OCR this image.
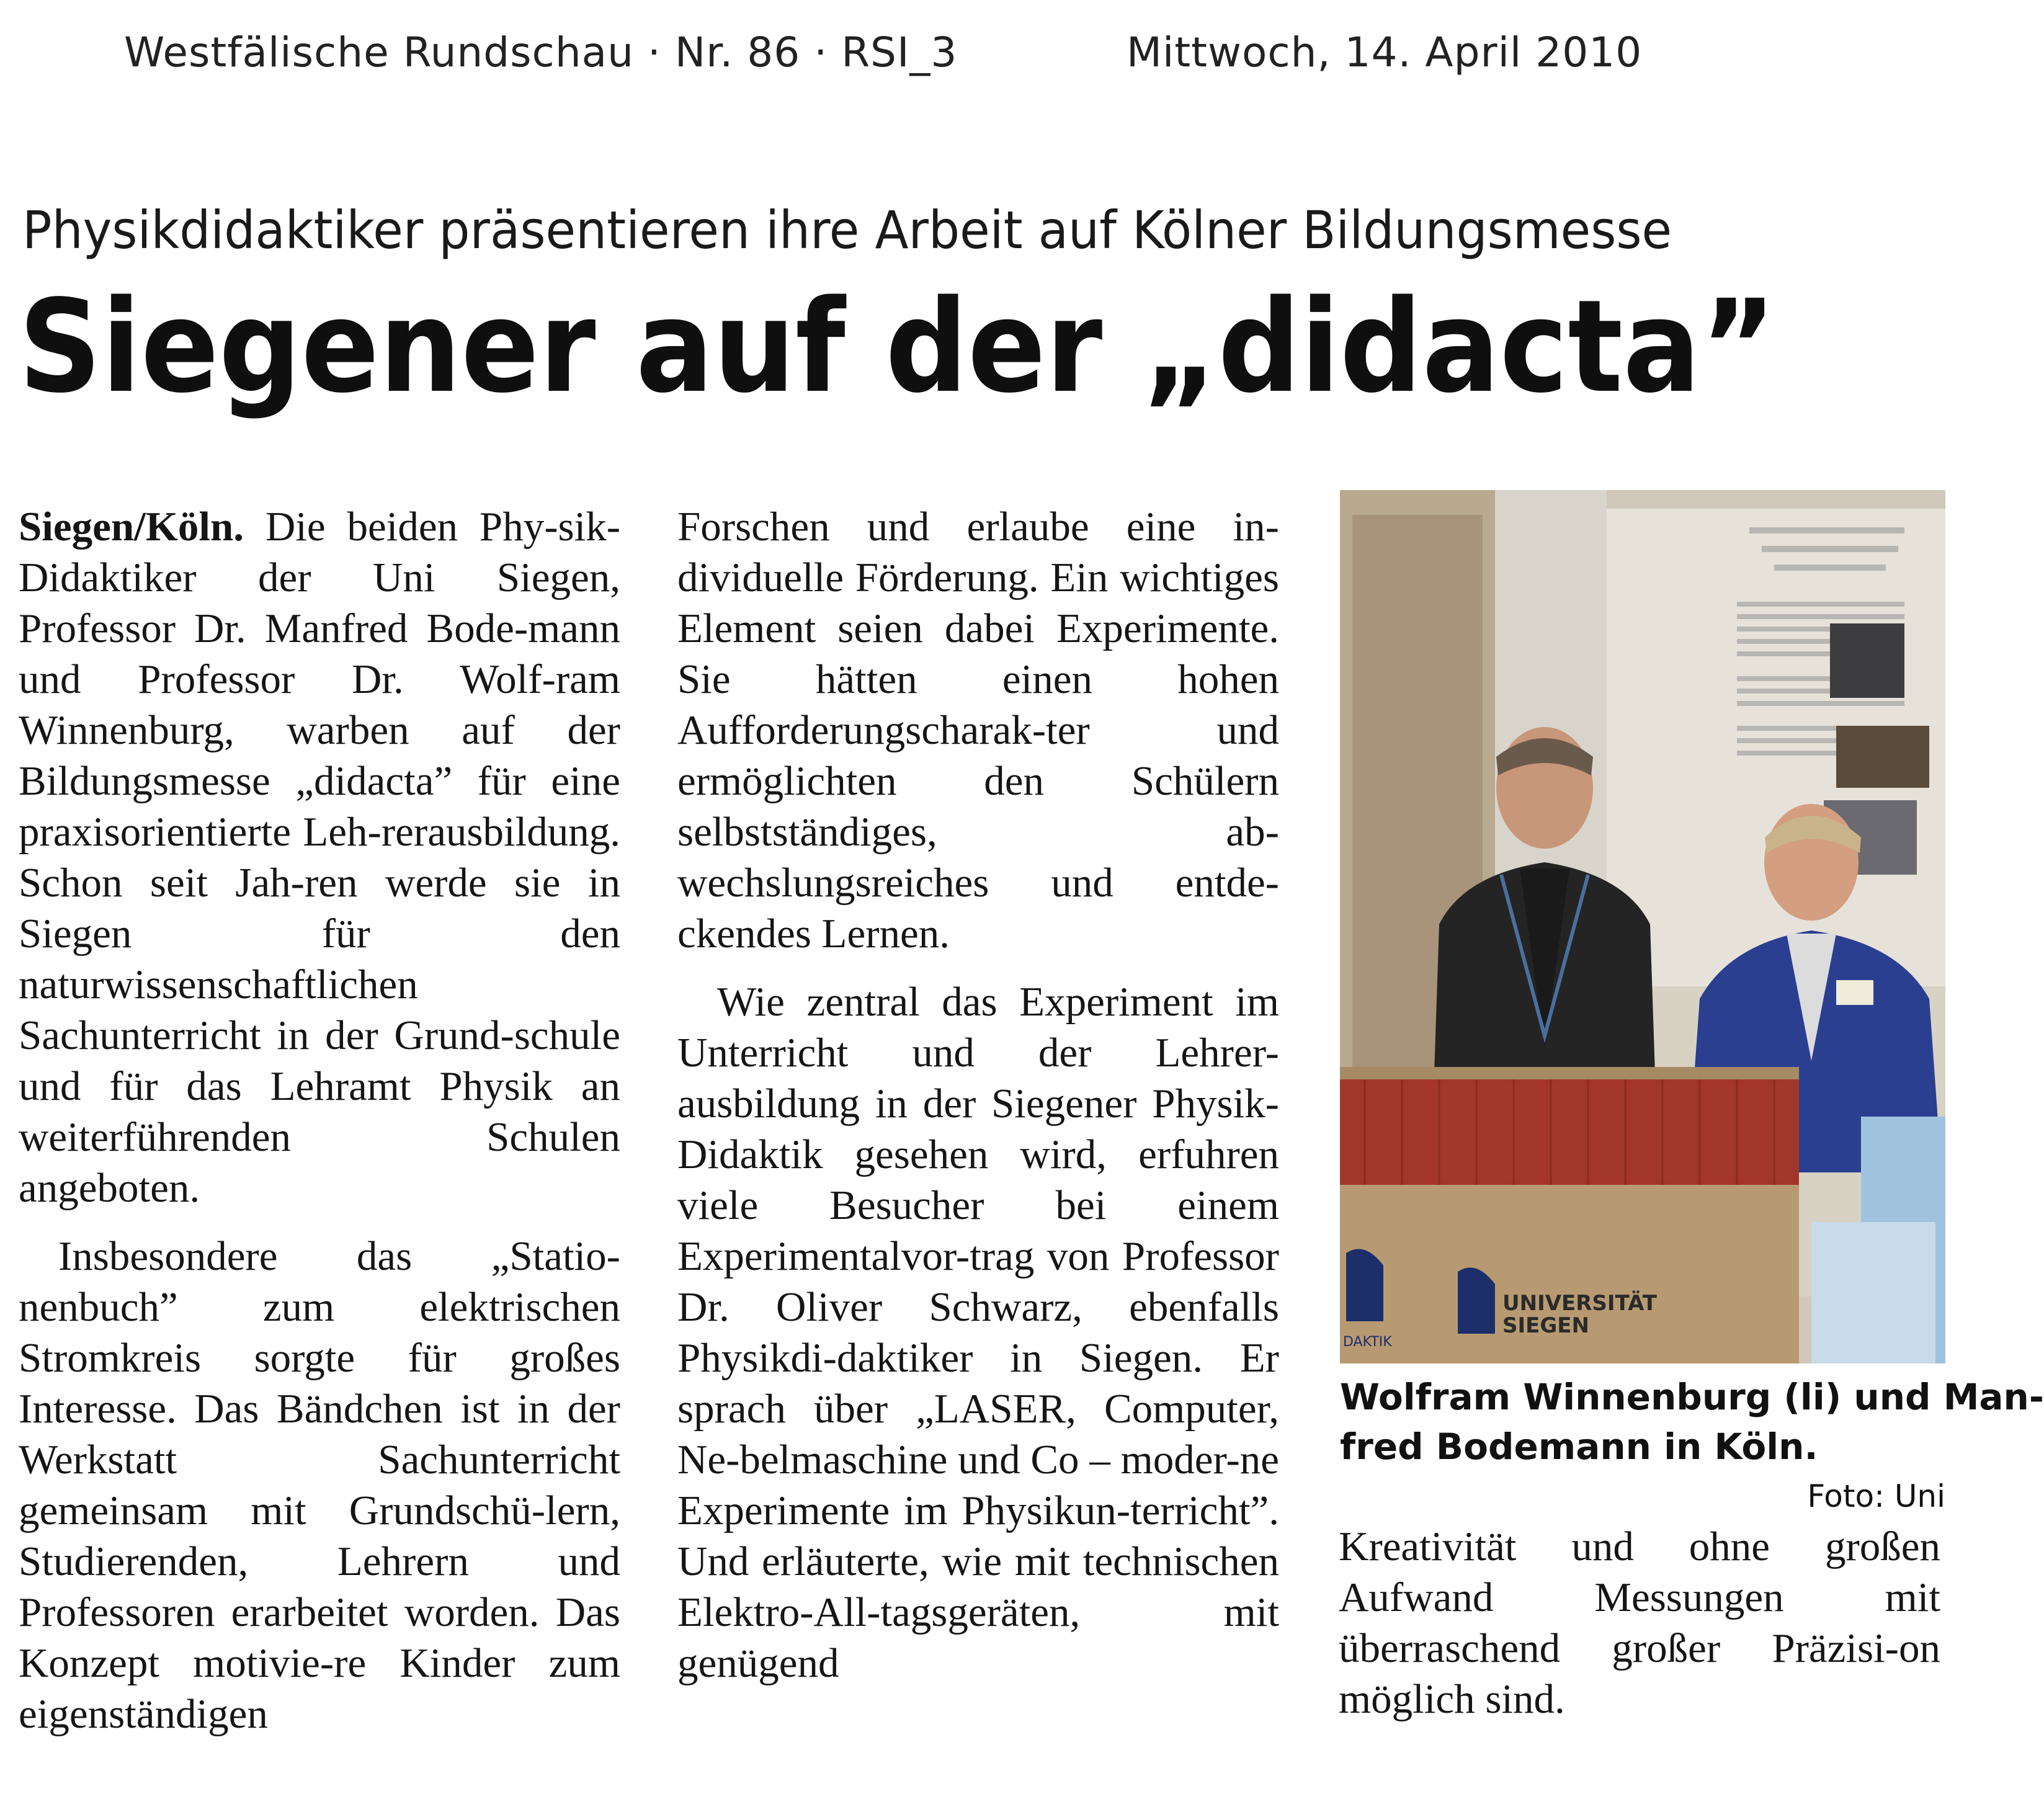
Westfälische Rundschau · Nr. 86 · RSI_3	Mittwoch, 14. April 2010
Physikdidaktiker präsentieren ihre Arbeit auf Kölner Bildungsmesse
Siegener auf der „didacta”

Siegen/Köln. Die beiden Phy-sik-Didaktiker der Uni Siegen, Professor Dr. Manfred Bode-mann und Professor Dr. Wolf-ram Winnenburg, warben auf der Bildungsmesse „didacta” für eine praxisorientierte Leh-rerausbildung. Schon seit Jah-ren werde sie in Siegen für den naturwissenschaftlichen Sachunterricht in der Grund-schule und für das Lehramt Physik an weiterführenden Schulen angeboten.

Insbesondere das „Statio-nenbuch” zum elektrischen Stromkreis sorgte für großes Interesse. Das Bändchen ist in der Werkstatt Sachunterricht gemeinsam mit Grundschü-lern, Studierenden, Lehrern und Professoren erarbeitet worden. Das Konzept motivie-re Kinder zum eigenständigen

Forschen und erlaube eine in-dividuelle Förderung. Ein wichtiges Element seien dabei Experimente. Sie hätten einen hohen Aufforderungscharak-ter und ermöglichten den Schülern selbstständiges, ab-wechslungsreiches und entde-ckendes Lernen.

Wie zentral das Experiment im Unterricht und der Lehrer-ausbildung in der Siegener Physik-Didaktik gesehen wird, erfuhren viele Besucher bei einem Experimentalvor-trag von Professor Dr. Oliver Schwarz, ebenfalls Physikdi-daktiker in Siegen. Er sprach über „LASER, Computer, Ne-belmaschine und Co – moder-ne Experimente im Physikun-terricht”. Und erläuterte, wie mit technischen Elektro-All-tagsgeräten, mit genügend

DAKTIK
UNIVERSITÄT
SIEGEN
Wolfram Winnenburg (li) und Man-
fred Bodemann in Köln.
Foto: Uni

Kreativität und ohne großen Aufwand Messungen mit überraschend großer Präzisi-on möglich sind.
